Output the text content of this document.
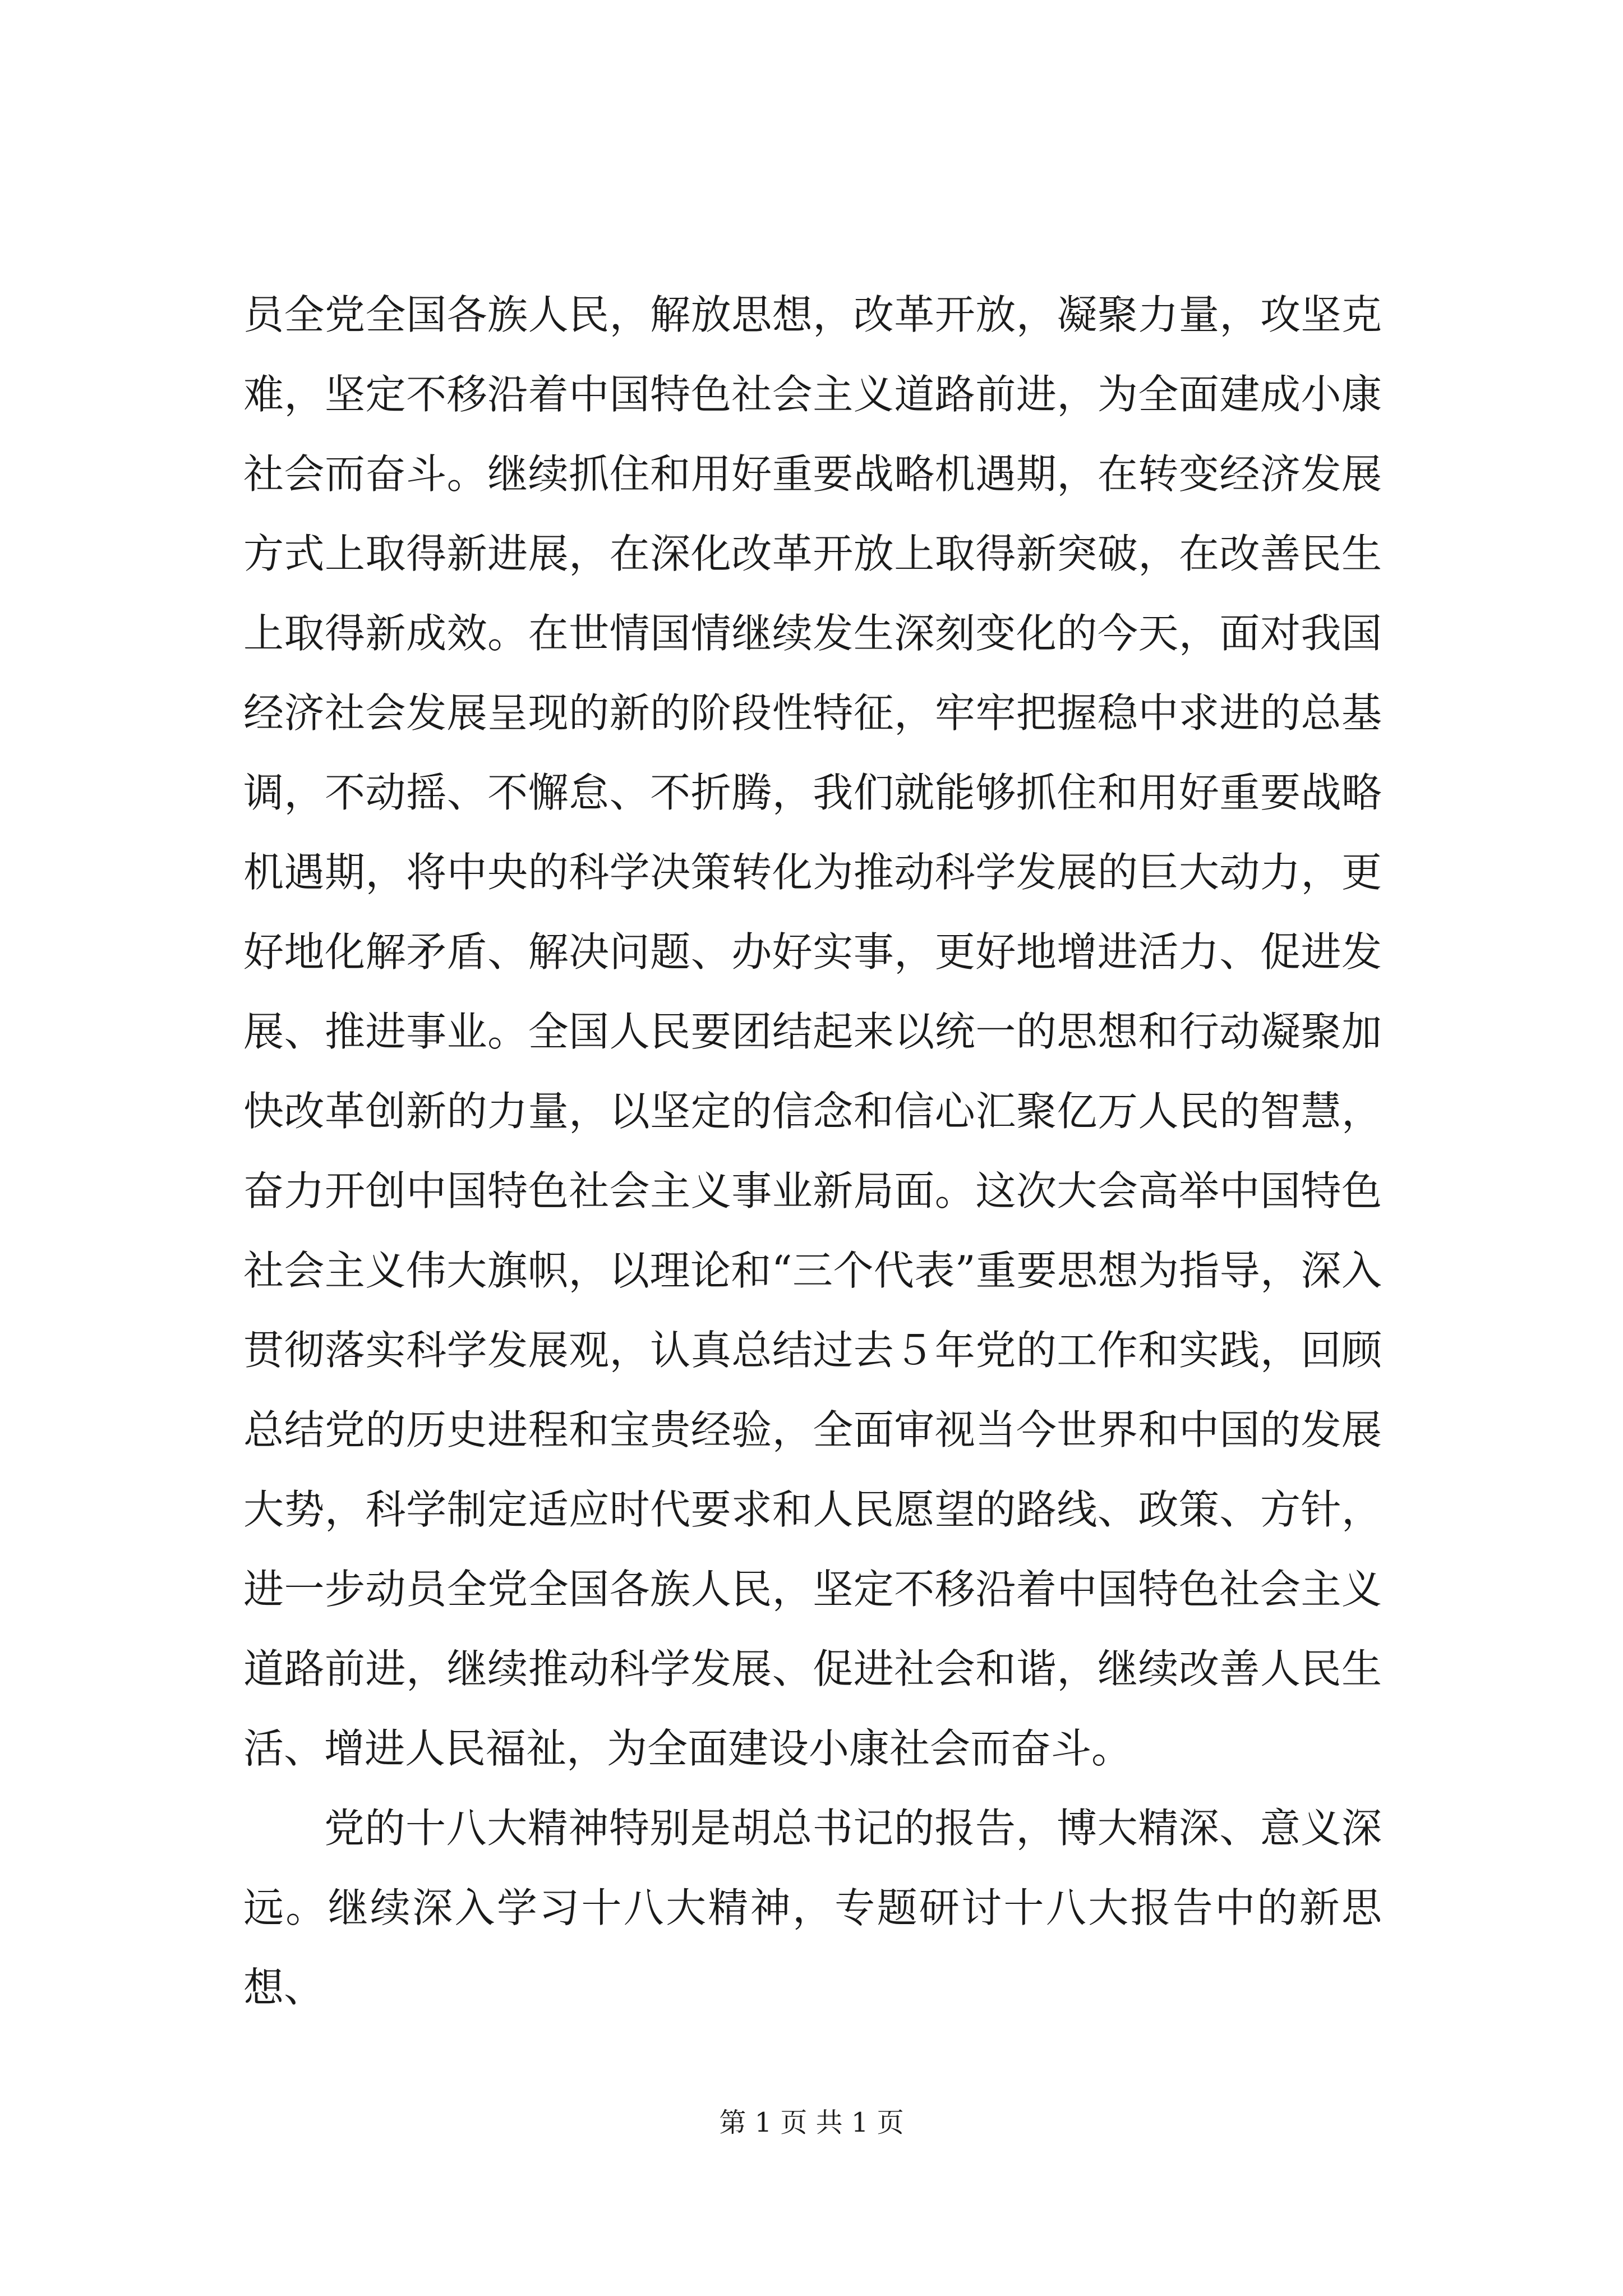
员全党全国各族人民，解放思想，改革开放，凝聚力量，攻坚克难，坚定不移沿着中国特色社会主义道路前进，为全面建成小康社会而奋斗。继续抓住和用好重要战略机遇期，在转变经济发展方式上取得新进展，在深化改革开放上取得新突破，在改善民生上取得新成效。在世情国情继续发生深刻变化的今天，面对我国经济社会发展呈现的新的阶段性特征，牢牢把握稳中求进的总基调，不动摇、不懈怠、不折腾，我们就能够抓住和用好重要战略机遇期，将中央的科学决策转化为推动科学发展的巨大动力，更好地化解矛盾、解决问题、办好实事，更好地增进活力、促进发展、推进事业。全国人民要团结起来以统一的思想和行动凝聚加快改革创新的力量，以坚定的信念和信心汇聚亿万人民的智慧，奋力开创中国特色社会主义事业新局面。这次大会高举中国特色社会主义伟大旗帜，以理论和“三个代表”重要思想为指导，深入贯彻落实科学发展观，认真总结过去５年党的工作和实践，回顾总结党的历史进程和宝贵经验，全面审视当今世界和中国的发展大势，科学制定适应时代要求和人民愿望的路线、政策、方针，进一步动员全党全国各族人民，坚定不移沿着中国特色社会主义道路前进，继续推动科学发展、促进社会和谐，继续改善人民生活、增进人民福祉，为全面建设小康社会而奋斗。

党的十八大精神特别是胡总书记的报告，博大精深、意义深远。继续深入学习十八大精神，专题研讨十八大报告中的新思想、

第 1 页 共 1 页
